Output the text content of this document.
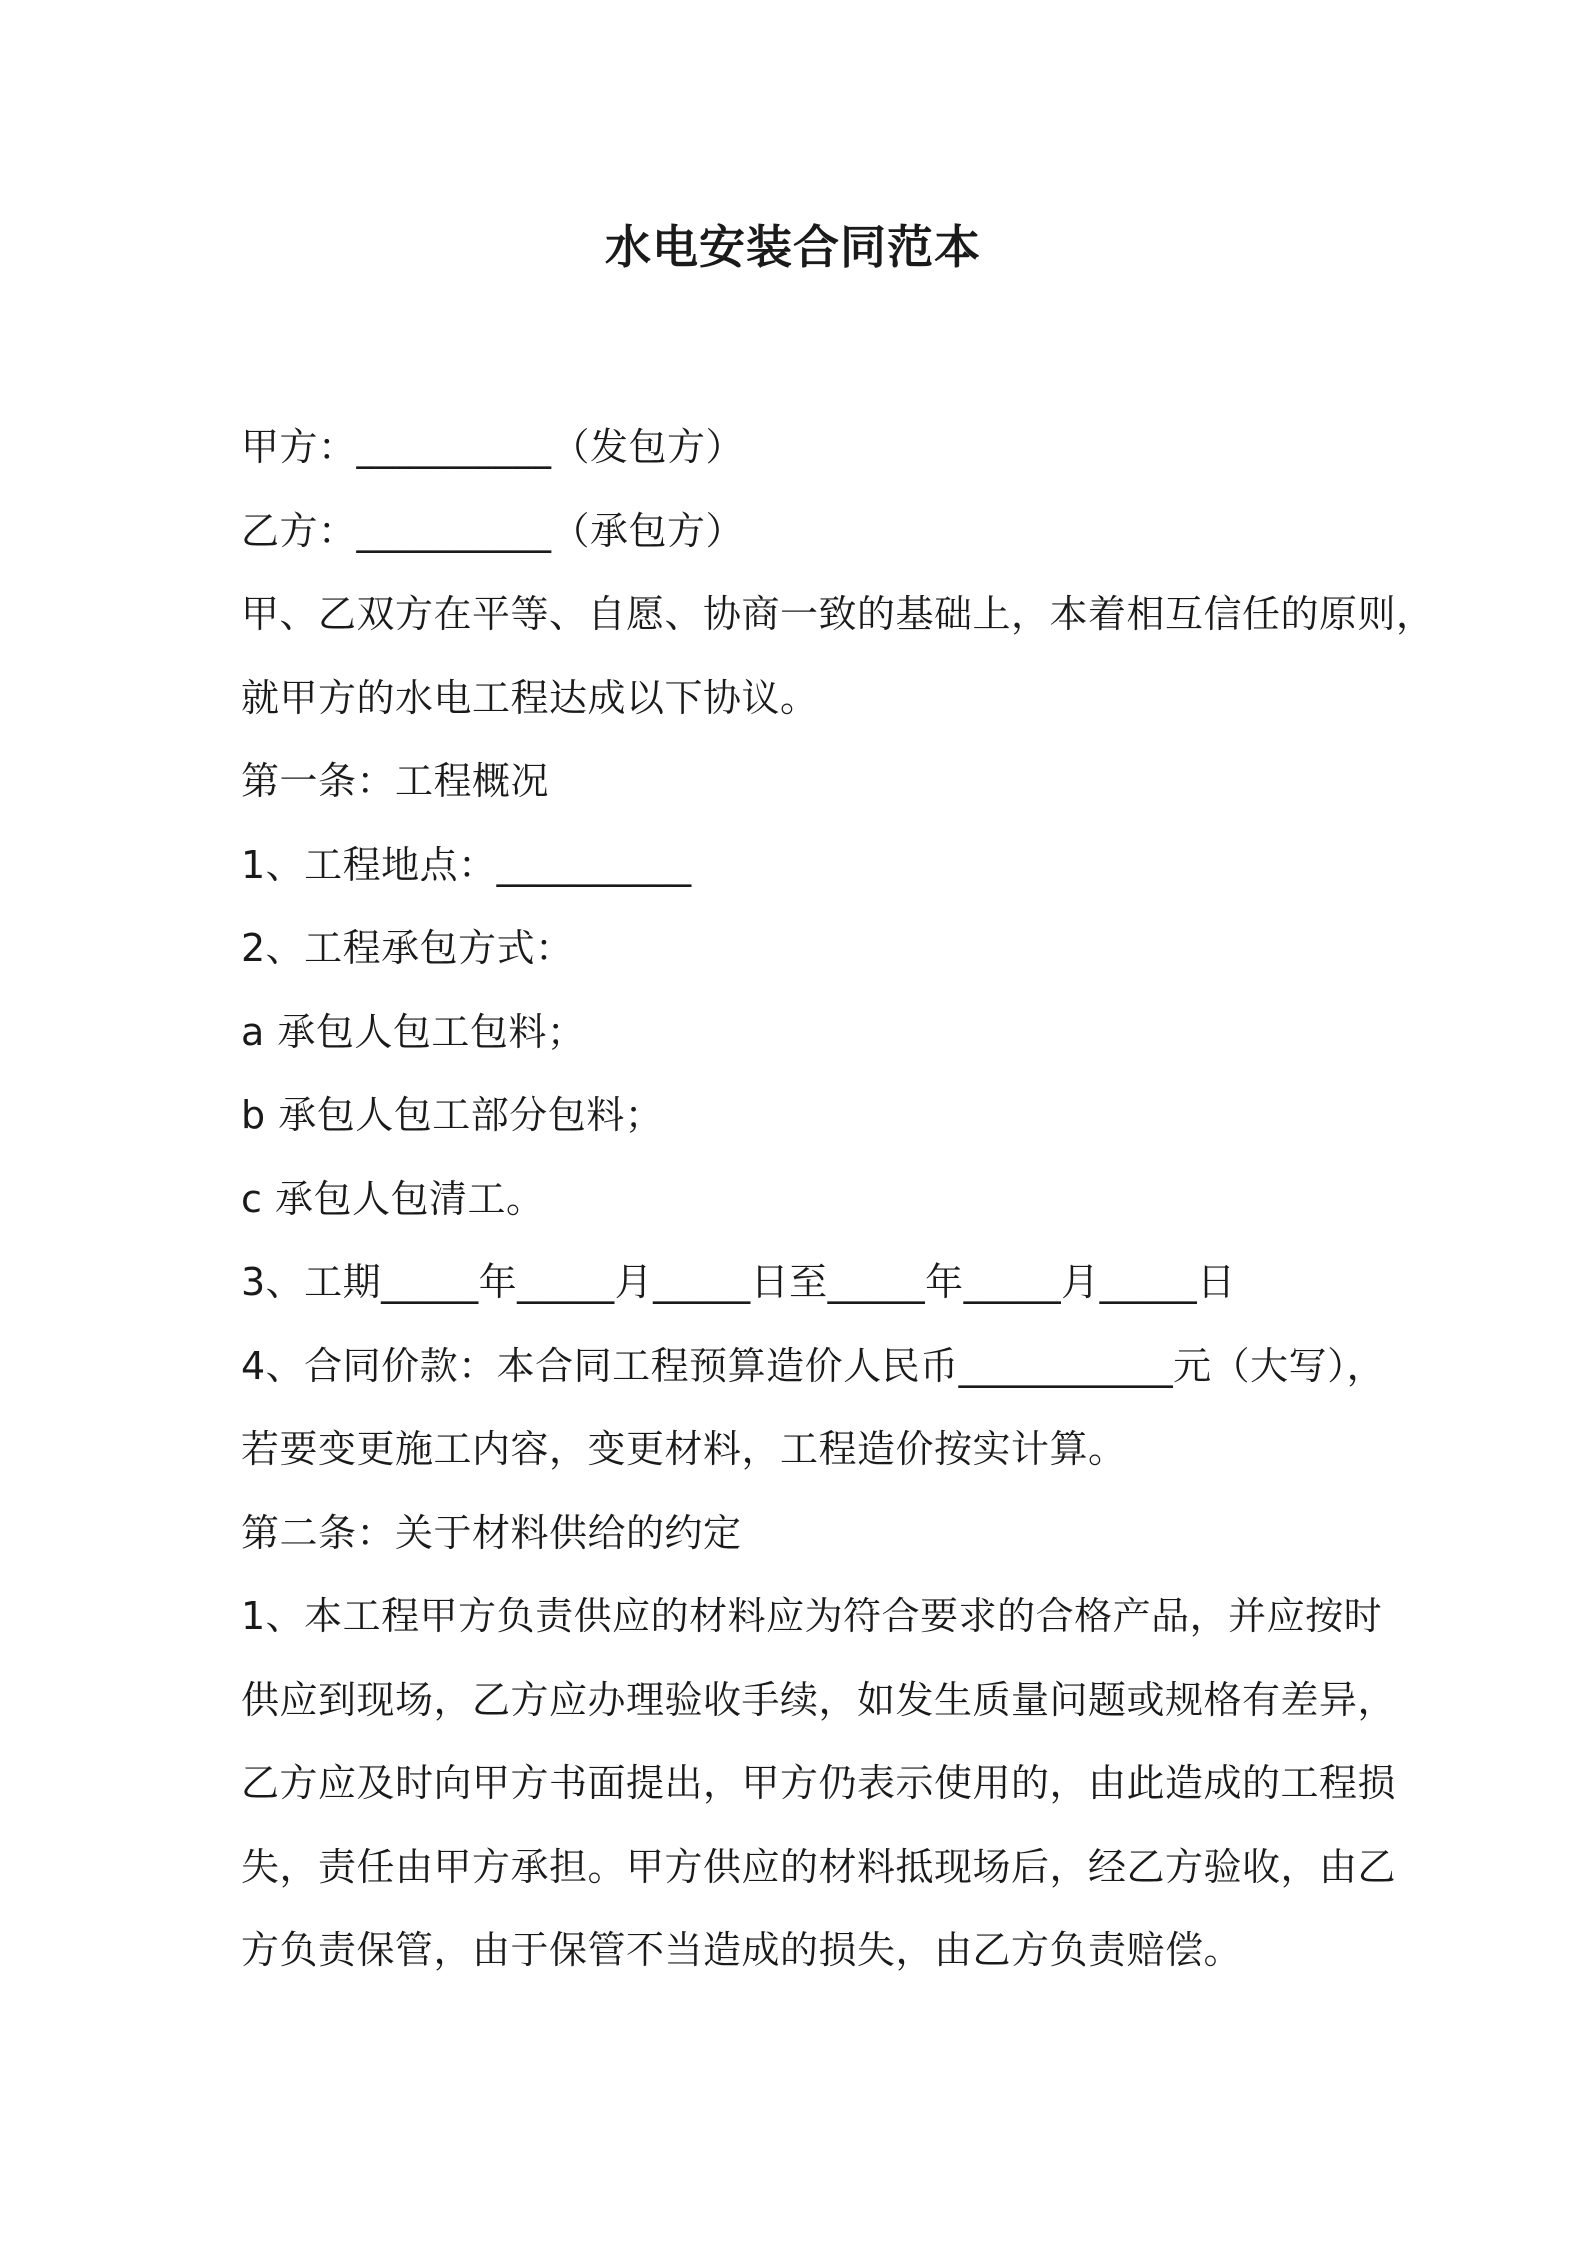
水电安装合同范本
甲方：__________（发包方）
乙方：__________（承包方）
甲、乙双方在平等、自愿、协商一致的基础上，本着相互信任的原则，
就甲方的水电工程达成以下协议。
第一条：工程概况
1、工程地点：__________
2、工程承包方式：
a 承包人包工包料；
b 承包人包工部分包料；
c 承包人包清工。
3、工期_____年_____月_____日至_____年_____月_____日
4、合同价款：本合同工程预算造价人民币___________元（大写），
若要变更施工内容，变更材料，工程造价按实计算。
第二条：关于材料供给的约定
1、本工程甲方负责供应的材料应为符合要求的合格产品，并应按时
供应到现场，乙方应办理验收手续，如发生质量问题或规格有差异，
乙方应及时向甲方书面提出，甲方仍表示使用的，由此造成的工程损
失，责任由甲方承担。甲方供应的材料抵现场后，经乙方验收，由乙
方负责保管，由于保管不当造成的损失，由乙方负责赔偿。
